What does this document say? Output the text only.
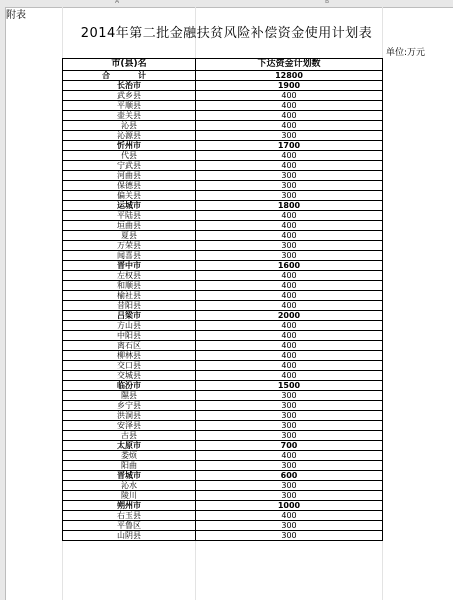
A	B
附表
2014年第二批金融扶贫风险补偿资金使用计划表
单位:万元
市(县)名	下达资金计划数
合　计	12800
长治市	1900
武乡县	400
平顺县	400
壶关县	400
沁县	400
沁源县	300
忻州市	1700
代县	400
宁武县	400
河曲县	300
保德县	300
偏关县	300
运城市	1800
平陆县	400
垣曲县	400
夏县	400
万荣县	300
闻喜县	300
晋中市	1600
左权县	400
和顺县	400
榆社县	400
昔阳县	400
吕梁市	2000
方山县	400
中阳县	400
离石区	400
柳林县	400
交口县	400
交城县	400
临汾市	1500
隰县	300
乡宁县	300
洪洞县	300
安泽县	300
古县	300
太原市	700
娄烦	400
阳曲	300
晋城市	600
沁水	300
陵川	300
朔州市	1000
右玉县	400
平鲁区	300
山阴县	300
